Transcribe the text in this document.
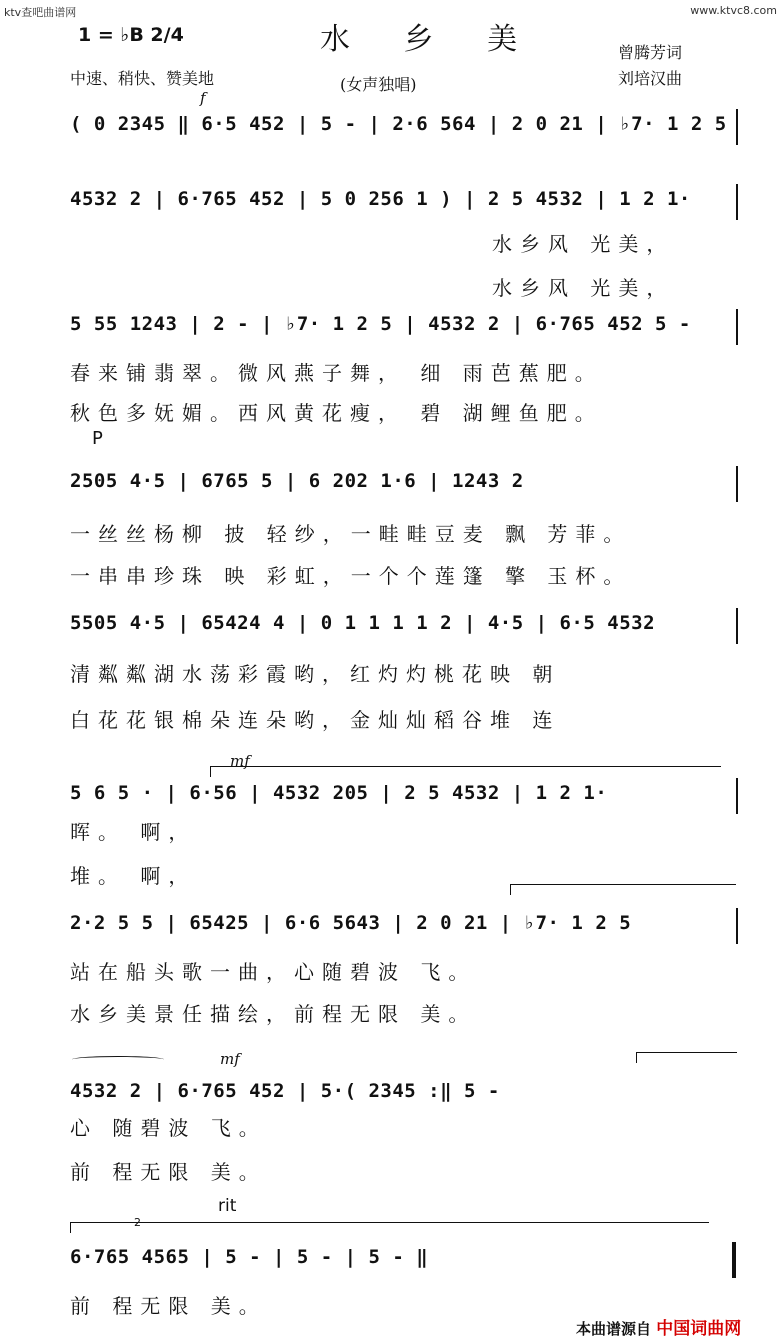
ktv查吧曲谱网	www.ktvc8.com
1 = ♭B 2/4	水 乡 美	曾腾芳词
中速、稍快、赞美地	(女声独唱)	刘培汉曲
f
( 0 2345 ‖ 6·5 452 | 5 - | 2·6 564 | 2 0 21 | ♭7· 1 2 5
4532 2 | 6·765 452 | 5 0 256 1 ) | 2 5 4532 | 1 2 1·
水乡风 光美，
水乡风 光美，
5 55 1243 | 2 - | ♭7· 1 2 5 | 4532 2 | 6·765 452 5 -
春来铺翡翠。微风燕子舞， 细 雨芭蕉肥。
秋色多妩媚。西风黄花瘦， 碧 湖鲤鱼肥。
P
2505 4·5 | 6765 5 | 6 202 1·6 | 1243 2
一丝丝杨柳 披 轻纱，一畦畦豆麦 飘 芳菲。
一串串珍珠 映 彩虹，一个个莲篷 擎 玉杯。
5505 4·5 | 65424 4 | 0 1 1 1 1 2 | 4·5 | 6·5 4532
清粼粼湖水荡彩霞哟，红灼灼桃花映 朝
白花花银棉朵连朵哟，金灿灿稻谷堆 连
mf
5 6 5 · | 6·56 | 4532 205 | 2 5 4532 | 1 2 1·
晖。 啊，
堆。 啊，
2·2 5 5 | 65425 | 6·6 5643 | 2 0 21 | ♭7· 1 2 5
站在船头歌一曲，心随碧波 飞。
水乡美景任描绘，前程无限 美。
mf
4532 2 | 6·765 452 | 5·( 2345 :‖ 5 -
心 随碧波 飞。
前 程无限 美。
rit
2
6·765 4565 | 5 - | 5 - | 5 - ‖
前 程无限 美。
本曲谱源自 中国词曲网
